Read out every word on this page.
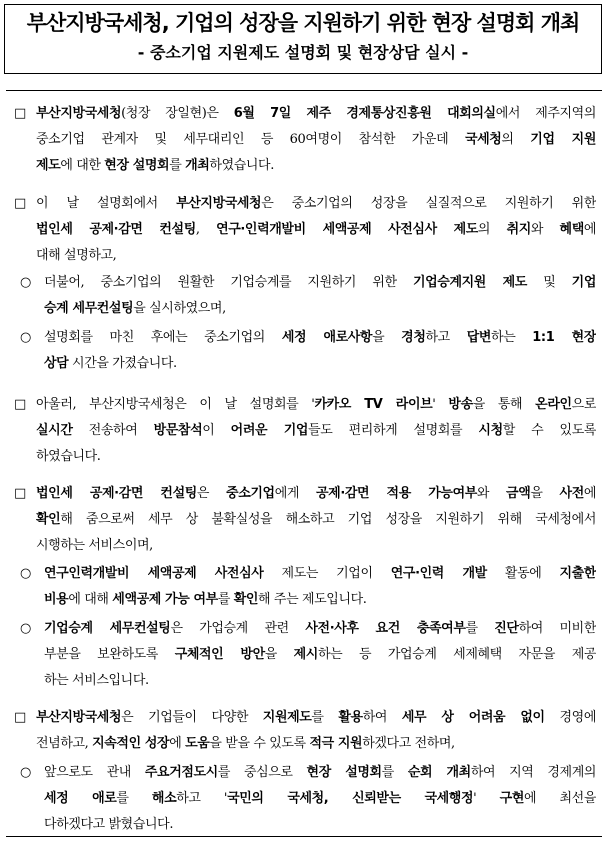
부산지방국세청, 기업의 성장을 지원하기 위한 현장 설명회 개최
- 중소기업 지원제도 설명회 및 현장상담 실시 -
□ 부산지방국세청(청장 장일현)은 6월 7일 제주 경제통상진흥원 대회의실에서 제주지역의
중소기업 관계자 및 세무대리인 등 60여명이 참석한 가운데 국세청의 기업 지원
제도에 대한 현장 설명회를 개최하였습니다.
□ 이 날 설명회에서 부산지방국세청은 중소기업의 성장을 실질적으로 지원하기 위한
법인세 공제·감면 컨설팅, 연구·인력개발비 세액공제 사전심사 제도의 취지와 혜택에
대해 설명하고,
○ 더불어, 중소기업의 원활한 기업승계를 지원하기 위한 기업승계지원 제도 및 기업
승계 세무컨설팅을 실시하였으며,
○ 설명회를 마친 후에는 중소기업의 세정 애로사항을 경청하고 답변하는 1:1 현장
상담 시간을 가졌습니다.
□ 아울러, 부산지방국세청은 이 날 설명회를 '카카오 TV 라이브' 방송을 통해 온라인으로
실시간 전송하여 방문참석이 어려운 기업들도 편리하게 설명회를 시청할 수 있도록
하였습니다.
□ 법인세 공제·감면 컨설팅은 중소기업에게 공제·감면 적용 가능여부와 금액을 사전에
확인해 줌으로써 세무 상 불확실성을 해소하고 기업 성장을 지원하기 위해 국세청에서
시행하는 서비스이며,
○ 연구인력개발비 세액공제 사전심사 제도는 기업이 연구·인력 개발 활동에 지출한
비용에 대해 세액공제 가능 여부를 확인해 주는 제도입니다.
○ 기업승계 세무컨설팅은 가업승계 관련 사전·사후 요건 충족여부를 진단하여 미비한
부분을 보완하도록 구체적인 방안을 제시하는 등 가업승계 세제혜택 자문을 제공
하는 서비스입니다.
□ 부산지방국세청은 기업들이 다양한 지원제도를 활용하여 세무 상 어려움 없이 경영에
전념하고, 지속적인 성장에 도움을 받을 수 있도록 적극 지원하겠다고 전하며,
○ 앞으로도 관내 주요거점도시를 중심으로 현장 설명회를 순회 개최하여 지역 경제계의
세정 애로를 해소하고 '국민의 국세청, 신뢰받는 국세행정' 구현에 최선을
다하겠다고 밝혔습니다.
